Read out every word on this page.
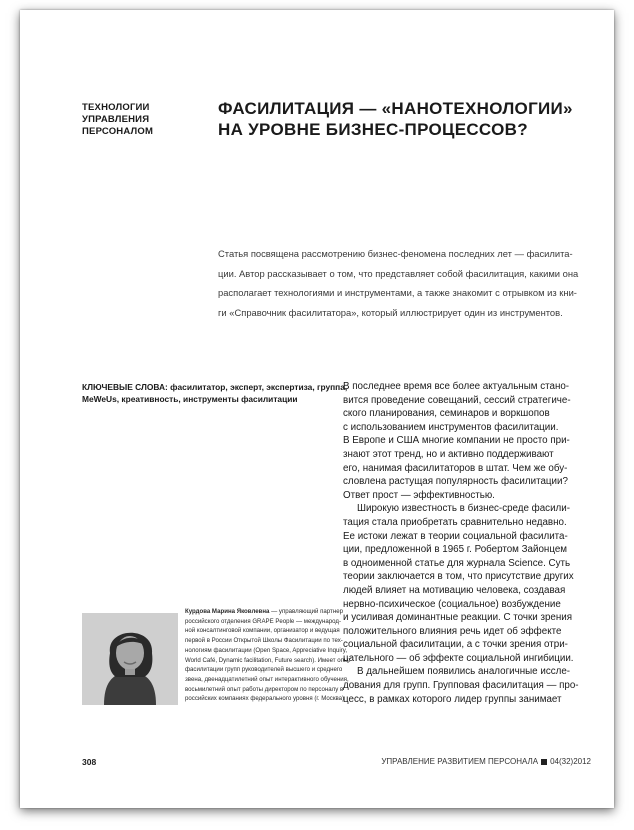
ТЕХНОЛОГИИ
УПРАВЛЕНИЯ
ПЕРСОНАЛОМ
ФАСИЛИТАЦИЯ — «НАНОТЕХНОЛОГИИ»
НА УРОВНЕ БИЗНЕС-ПРОЦЕССОВ?
Статья посвящена рассмотрению бизнес-феномена последних лет — фасилита-
ции. Автор рассказывает о том, что представляет собой фасилитация, какими она
располагает технологиями и инструментами, а также знакомит с отрывком из кни-
ги «Справочник фасилитатора», который иллюстрирует один из инструментов.
КЛЮЧЕВЫЕ СЛОВА: фасилитатор, эксперт, экспертиза, группа,
MeWeUs, креативность, инструменты фасилитации
В последнее время все более актуальным стано-
вится проведение совещаний, сессий стратегиче-
ского планирования, семинаров и воркшопов
с использованием инструментов фасилитации.
В Европе и США многие компании не просто при-
знают этот тренд, но и активно поддерживают
его, нанимая фасилитаторов в штат. Чем же обу-
словлена растущая популярность фасилитации?
Ответ прост — эффективностью.
Широкую известность в бизнес-среде фасили-
тация стала приобретать сравнительно недавно.
Ее истоки лежат в теории социальной фасилита-
ции, предложенной в 1965 г. Робертом Зайонцем
в одноименной статье для журнала Science. Суть
теории заключается в том, что присутствие других
людей влияет на мотивацию человека, создавая
нервно-психическое (социальное) возбуждение
и усиливая доминантные реакции. С точки зрения
положительного влияния речь идет об эффекте
социальной фасилитации, а с точки зрения отри-
цательного — об эффекте социальной ингибиции.
В дальнейшем появились аналогичные иссле-
дования для групп. Групповая фасилитация — про-
цесс, в рамках которого лидер группы занимает
Курдова Марина Яковлевна — управляющий партнер
российского отделения GRAPE People — междунаpод-
ной консалтинговой компании, организатор и ведущая
первой в России Открытой Школы Фасилитации по тех-
нологиям фасилитации (Open Space, Appreciative Inquiry,
World Café, Dynamic facilitation, Future search). Имеет опыт
фасилитации групп руководителей высшего и среднего
звена, двенадцатилетний опыт интерактивного обучения,
восьмилетний опыт работы директором по персоналу в
российских компаниях федерального уровня (г. Москва)
308	УПРАВЛЕНИЕ РАЗВИТИЕМ ПЕРСОНАЛА 04(32)2012
